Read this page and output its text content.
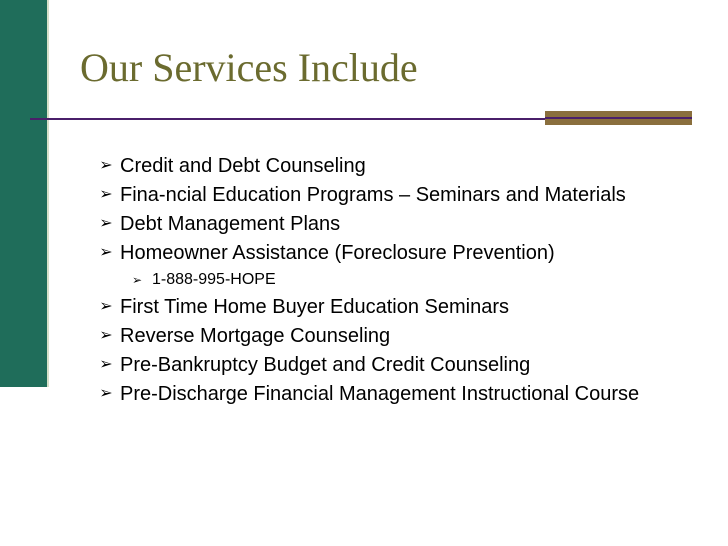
Our Services Include
➢ Credit and Debt Counseling
➢ Fina-ncial Education Programs – Seminars and Materials
➢ Debt Management Plans
➢ Homeowner Assistance (Foreclosure Prevention)
➢ 1-888-995-HOPE
➢ First Time Home Buyer Education Seminars
➢ Reverse Mortgage Counseling
➢ Pre-Bankruptcy Budget and Credit Counseling
➢ Pre-Discharge Financial Management Instructional Course
